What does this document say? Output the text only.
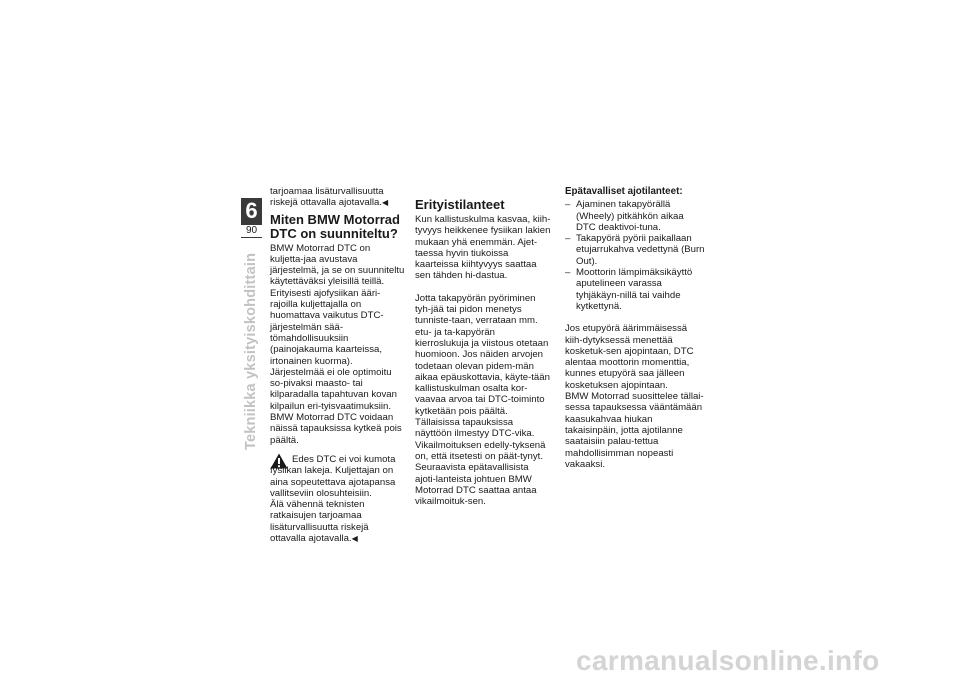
6
90
Tekniikka yksityiskohdittain

tarjoamaa lisäturvallisuutta riskejä ottavalla ajotavalla.◀

Miten BMW Motorrad DTC on suunniteltu?

BMW Motorrad DTC on kuljetta-jaa avustava järjestelmä, ja se on suunniteltu käytettäväksi yleisillä teillä. Erityisesti ajofysiikan ääri-rajoilla kuljettajalla on huomattava vaikutus DTC-järjestelmän sää-tömahdollisuuksiin (painojakauma kaarteissa, irtonainen kuorma).

Järjestelmää ei ole optimoitu so-pivaksi maasto- tai kilparadalla tapahtuvan kovan kilpailun eri-tyisvaatimuksiin. BMW Motorrad DTC voidaan näissä tapauksissa kytkeä pois päältä.

Edes DTC ei voi kumota fysiikan lakeja. Kuljettajan on aina sopeutettava ajotapansa vallitseviin olosuhteisiin.

Älä vähennä teknisten ratkaisujen tarjoamaa lisäturvallisuutta riskejä ottavalla ajotavalla.◀

Erityistilanteet

Kun kallistuskulma kasvaa, kiih-tyvyys heikkenee fysiikan lakien mukaan yhä enemmän. Ajet-taessa hyvin tiukoissa kaarteissa kiihtyvyys saattaa sen tähden hi-dastua.

Jotta takapyörän pyöriminen tyh-jää tai pidon menetys tunniste-taan, verrataan mm. etu- ja ta-kapyörän kierroslukuja ja viistous otetaan huomioon. Jos näiden arvojen todetaan olevan pidem-män aikaa epäuskottavia, käyte-tään kallistuskulman osalta kor-vaavaa arvoa tai DTC-toiminto kytketään pois päältä. Tällaisissa tapauksissa näyttöön ilmestyy DTC-vika. Vikailmoituksen edelly-tyksenä on, että itsetesti on päät-tynyt.

Seuraavista epätavallisista ajoti-lanteista johtuen BMW Motorrad DTC saattaa antaa vikailmoituk-sen.

Epätavalliset ajotilanteet:
– Ajaminen takapyörällä (Wheely) pitkähkön aikaa DTC deaktivoi-tuna.
– Takapyörä pyörii paikallaan etujarrukahva vedettynä (Burn Out).
– Moottorin lämpimäksikäyttö aputelineen varassa tyhjäkäyn-nillä tai vaihde kytkettynä.

Jos etupyörä äärimmäisessä kiih-dytyksessä menettää kosketuk-sen ajopintaan, DTC alentaa moottorin momenttia, kunnes etupyörä saa jälleen kosketuksen ajopintaan.

BMW Motorrad suosittelee tällai-sessa tapauksessa vääntämään kaasukahvaa hiukan takaisinpäin, jotta ajotilanne saataisiin palau-tettua mahdollisimman nopeasti vakaaksi.

carmanualsonline.info
